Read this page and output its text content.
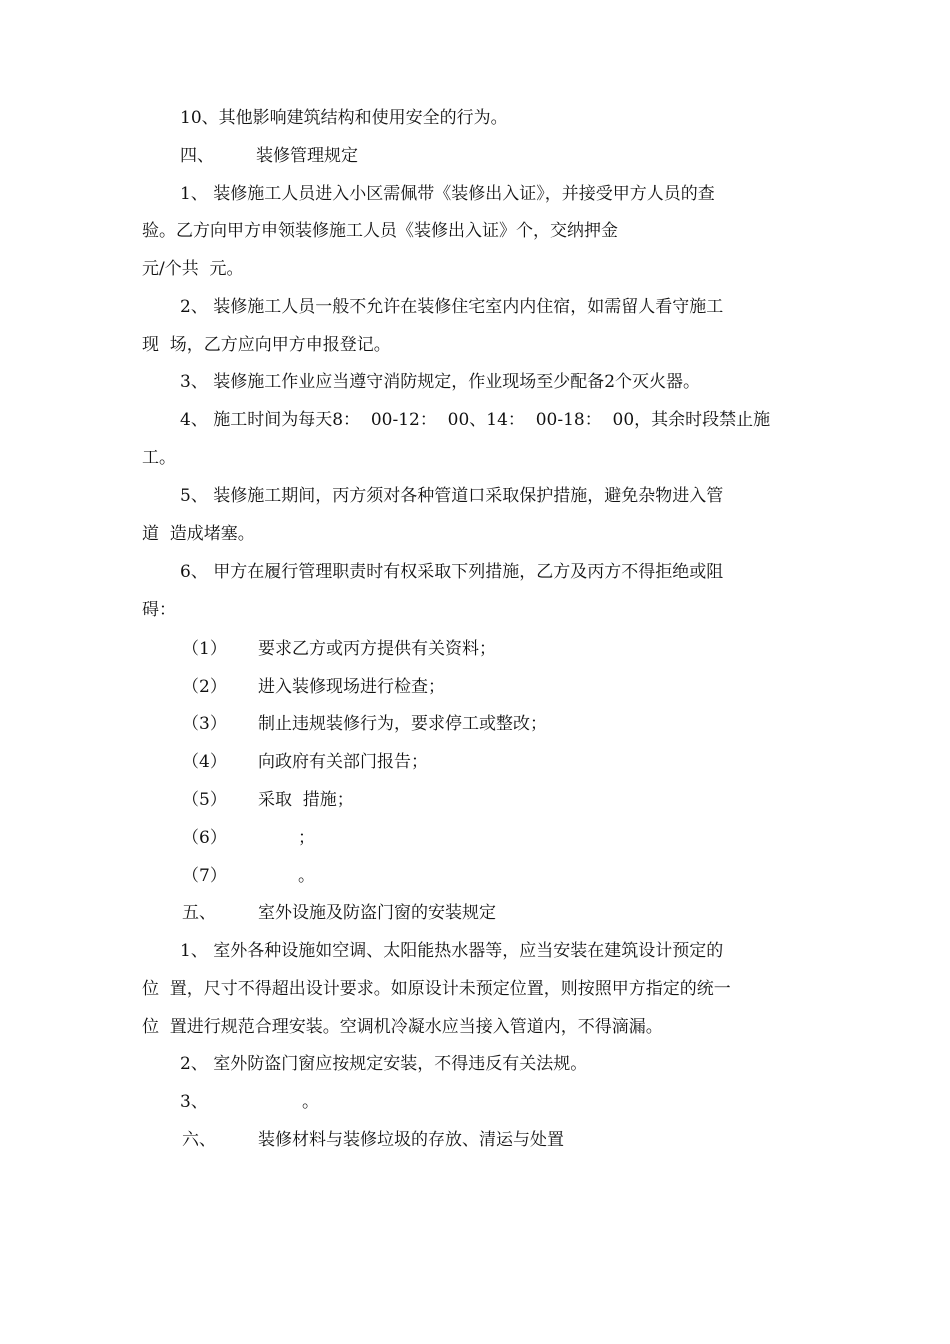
10、其他影响建筑结构和使用安全的行为。
四、 装修管理规定
1、 装修施工人员进入小区需佩带《装修出入证》，并接受甲方人员的查
验。乙方向甲方申领装修施工人员《装修出入证》个，交纳押金
元/个共  元。
2、 装修施工人员一般不允许在装修住宅室内内住宿，如需留人看守施工
现  场，乙方应向甲方申报登记。
3、 装修施工作业应当遵守消防规定，作业现场至少配备2个灭火器。
4、 施工时间为每天8：  00-12：  00、14：  00-18：  00，其余时段禁止施
工。
5、 装修施工期间，丙方须对各种管道口采取保护措施，避免杂物进入管
道  造成堵塞。
6、 甲方在履行管理职责时有权采取下列措施，乙方及丙方不得拒绝或阻
碍：
（1） 要求乙方或丙方提供有关资料；
（2） 进入装修现场进行检查；
（3） 制止违规装修行为，要求停工或整改；
（4） 向政府有关部门报告；
（5） 采取  措施；
（6）	；
（7）	。
五、 室外设施及防盗门窗的安装规定
1、 室外各种设施如空调、太阳能热水器等，应当安装在建筑设计预定的
位  置，尺寸不得超出设计要求。如原设计未预定位置，则按照甲方指定的统一
位  置进行规范合理安装。空调机冷凝水应当接入管道内，不得滴漏。
2、 室外防盗门窗应按规定安装，不得违反有关法规。
3、	。
六、 装修材料与装修垃圾的存放、清运与处置
